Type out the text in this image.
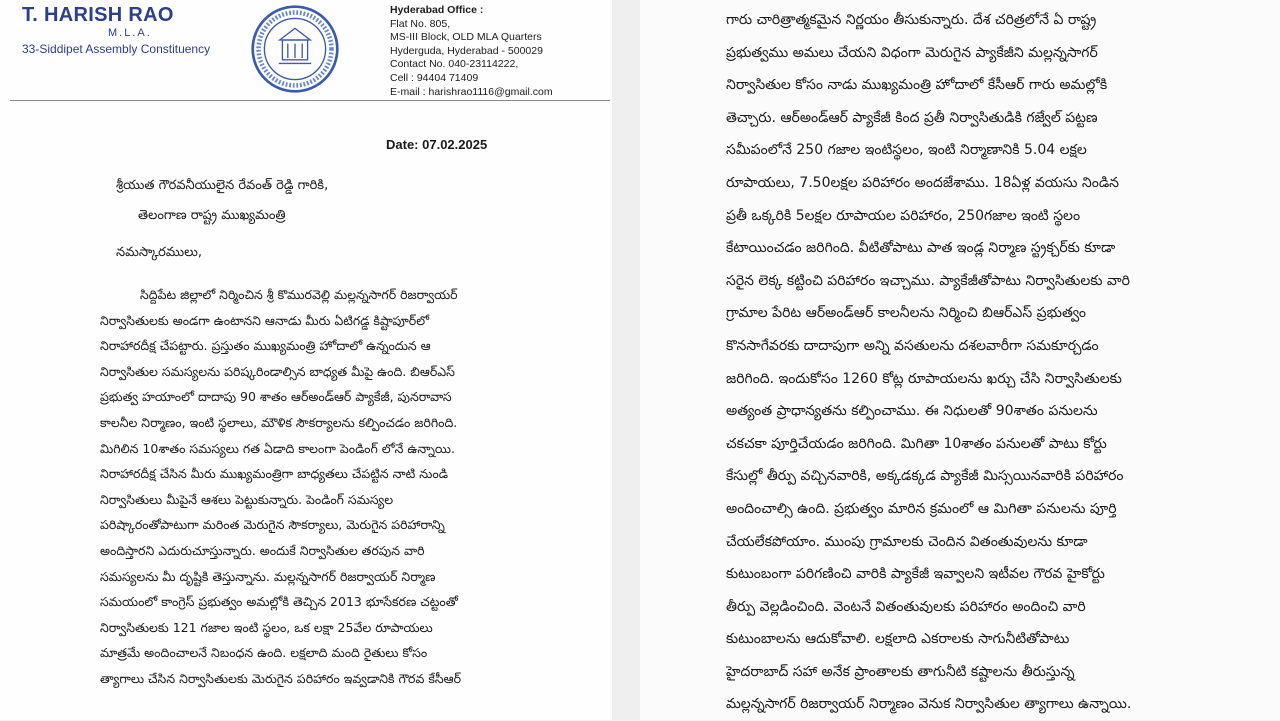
T. HARISH RAO
M.L.A.
33-Siddipet Assembly Constituency
Hyderabad Office :
Flat No. 805,
MS-III Block, OLD MLA Quarters
Hyderguda, Hyderabad - 500029
Contact No. 040-23114222,
Cell : 94404 71409
E-mail : harishrao1116@gmail.com
Date: 07.02.2025
శ్రీయుత గౌరవనీయులైన రేవంత్ రెడ్డి గారికి,
తెలంగాణ రాష్ట్ర ముఖ్యమంత్రి
నమస్కారములు,
సిద్దిపేట జిల్లాలో నిర్మించిన శ్రీ కొమురవెల్లి మల్లన్నసాగర్ రిజర్వాయర్
నిర్వాసితులకు అండగా ఉంటానని ఆనాడు మీరు ఏటిగడ్డ కిష్టాపూర్‌లో
నిరాహారదీక్ష చేపట్టారు. ప్రస్తుతం ముఖ్యమంత్రి హోదాలో ఉన్నందున ఆ
నిర్వాసితుల సమస్యలను పరిష్కరిండాల్సిన బాధ్యత మీపై ఉంది. బిఆర్ఎస్
ప్రభుత్వ హయాంలో దాదాపు 90 శాతం ఆర్అండ్ఆర్ ప్యాకేజీ, పునరావాస
కాలనీల నిర్మాణం, ఇంటి స్థలాలు, మౌళిక సౌకర్యాలను కల్పించడం జరిగింది.
మిగిలిన 10శాతం సమస్యలు గత ఏడాది కాలంగా పెండింగ్ లోనే ఉన్నాయి.
నిరాహారదీక్ష చేసిన మీరు ముఖ్యమంత్రిగా బాధ్యతలు చేపట్టిన నాటి నుండి
నిర్వాసితులు మీపైనే ఆశలు పెట్టుకున్నారు. పెండింగ్ సమస్యల
పరిష్కారంతోపాటుగా మరింత మెరుగైన సౌకర్యాలు, మెరుగైన పరిహారాన్ని
అందిస్తారని ఎదురుచూస్తున్నారు. అందుకే నిర్వాసితుల తరపున వారి
సమస్యలను మీ దృష్టికి తెస్తున్నాను. మల్లన్నసాగర్ రిజర్వాయర్ నిర్మాణ
సమయంలో కాంగ్రెస్ ప్రభుత్వం అమల్లోకి తెచ్చిన 2013 భూసేకరణ చట్టంతో
నిర్వాసితులకు 121 గజాల ఇంటి స్థలం, ఒక లక్షా 25వేల రూపాయలు
మాత్రమే అందించాలనే నిబంధన ఉంది. లక్షలాది మంది రైతులు కోసం
త్యాగాలు చేసిన నిర్వాసితులకు మెరుగైన పరిహారం ఇవ్వడానికి గౌరవ కేసీఆర్
గారు చారిత్రాత్మకమైన నిర్ణయం తీసుకున్నారు. దేశ చరిత్రలోనే ఏ రాష్ట్ర
ప్రభుత్వము అమలు చేయని విధంగా మెరుగైన ప్యాకేజీని మల్లన్నసాగర్
నిర్వాసితుల కోసం నాడు ముఖ్యమంత్రి హోదాలో కేసీఆర్ గారు అమల్లోకి
తెచ్చారు. ఆర్అండ్ఆర్ ప్యాకేజీ కింద ప్రతీ నిర్వాసితుడికి గజ్వేల్ పట్టణ
సమీపంలోనే 250 గజాల ఇంటిస్థలం, ఇంటి నిర్మాణానికి 5.04 లక్షల
రూపాయలు, 7.50లక్షల పరిహారం అందజేశాము. 18ఏళ్ల వయసు నిండిన
ప్రతీ ఒక్కరికి 5లక్షల రూపాయల పరిహారం, 250గజాల ఇంటి స్థలం
కేటాయించడం జరిగింది. వీటితోపాటు పాత ఇండ్ల నిర్మాణ స్ట్రక్చర్‌కు కూడా
సరైన లెక్క కట్టించి పరిహారం ఇచ్చాము. ప్యాకేజీతోపాటు నిర్వాసితులకు వారి
గ్రామాల పేరిట ఆర్అండ్ఆర్ కాలనీలను నిర్మించి బిఆర్ఎస్ ప్రభుత్వం
కొనసాగేవరకు దాదాపుగా అన్ని వసతులను దశలవారీగా సమకూర్చడం
జరిగింది. ఇందుకోసం 1260 కోట్ల రూపాయలను ఖర్చు చేసి నిర్వాసితులకు
అత్యంత ప్రాధాన్యతను కల్పించాము. ఈ నిధులతో 90శాతం పనులను
చకచకా పూర్తిచేయడం జరిగింది. మిగితా 10శాతం పనులతో పాటు కోర్టు
కేసుల్లో తీర్పు వచ్చినవారికి, అక్కడక్కడ ప్యాకేజీ మిస్సయినవారికి పరిహారం
అందించాల్సి ఉంది. ప్రభుత్వం మారిన క్రమంలో ఆ మిగితా పనులను పూర్తి
చేయలేకపోయాం. ముంపు గ్రామాలకు చెందిన వితంతువులను కూడా
కుటుంబంగా పరిగణించి వారికి ప్యాకేజీ ఇవ్వాలని ఇటీవల గౌరవ హైకోర్టు
తీర్పు వెల్లడించింది. వెంటనే వితంతువులకు పరిహారం అందించి వారి
కుటుంబాలను ఆదుకోవాలి. లక్షలాది ఎకరాలకు సాగునీటితోపాటు
హైదరాబాద్ సహా అనేక ప్రాంతాలకు తాగునీటి కష్టాలను తీరుస్తున్న
మల్లన్నసాగర్ రిజర్వాయర్ నిర్మాణం వెనుక నిర్వాసితుల త్యాగాలు ఉన్నాయి.
